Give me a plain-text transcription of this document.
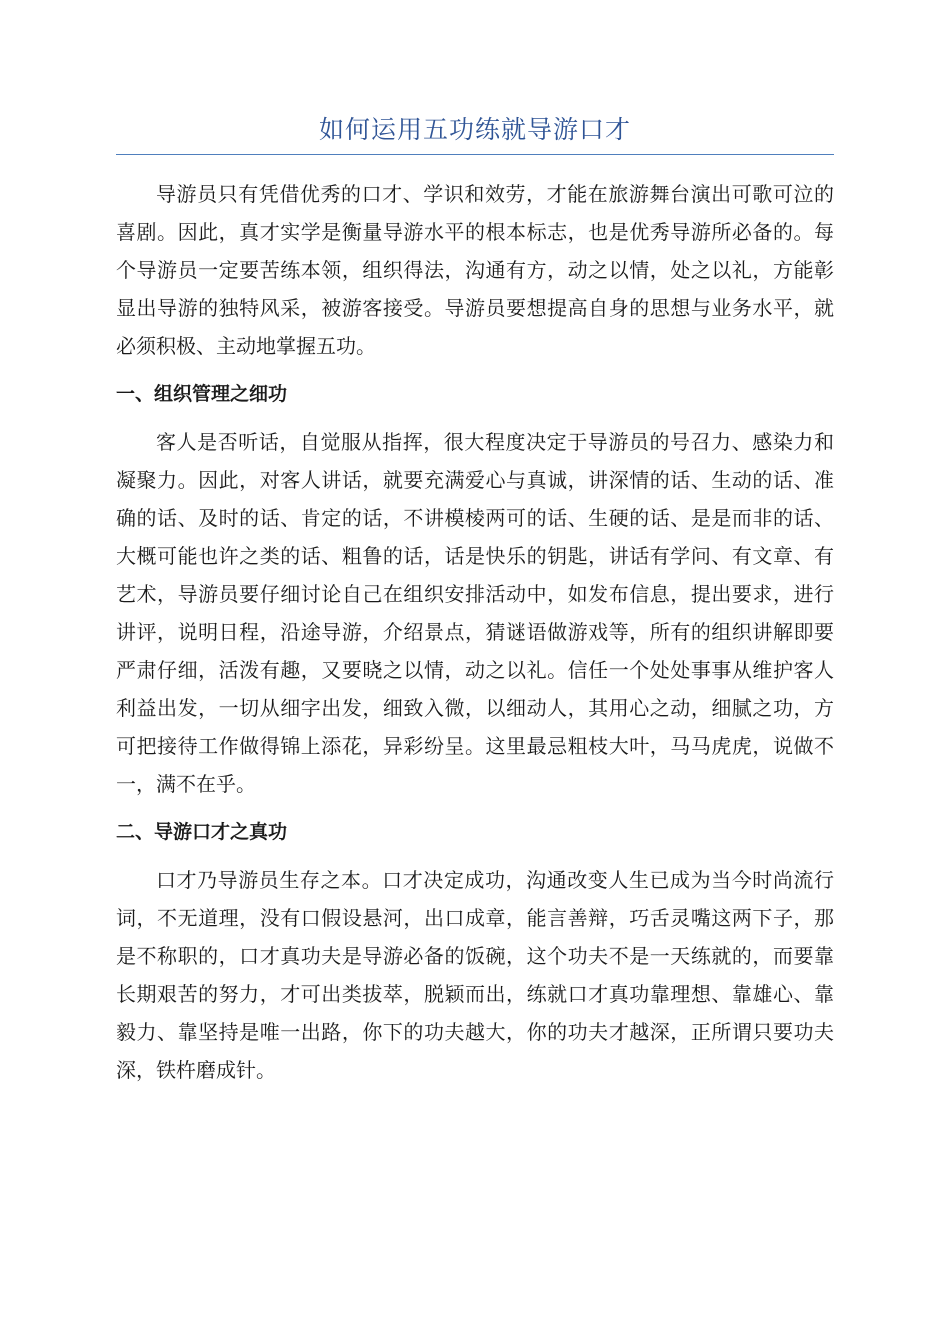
如何运用五功练就导游口才

导游员只有凭借优秀的口才、学识和效劳，才能在旅游舞台演出可歌可泣的喜剧。因此，真才实学是衡量导游水平的根本标志，也是优秀导游所必备的。每个导游员一定要苦练本领，组织得法，沟通有方，动之以情，处之以礼，方能彰显出导游的独特风采，被游客接受。导游员要想提高自身的思想与业务水平，就必须积极、主动地掌握五功。

一、组织管理之细功

客人是否听话，自觉服从指挥，很大程度决定于导游员的号召力、感染力和凝聚力。因此，对客人讲话，就要充满爱心与真诚，讲深情的话、生动的话、准确的话、及时的话、肯定的话，不讲模棱两可的话、生硬的话、是是而非的话、大概可能也许之类的话、粗鲁的话，话是快乐的钥匙，讲话有学问、有文章、有艺术，导游员要仔细讨论自己在组织安排活动中，如发布信息，提出要求，进行讲评，说明日程，沿途导游，介绍景点，猜谜语做游戏等，所有的组织讲解即要严肃仔细，活泼有趣，又要晓之以情，动之以礼。信任一个处处事事从维护客人利益出发，一切从细字出发，细致入微，以细动人，其用心之动，细腻之功，方可把接待工作做得锦上添花，异彩纷呈。这里最忌粗枝大叶，马马虎虎，说做不一，满不在乎。

二、导游口才之真功

口才乃导游员生存之本。口才决定成功，沟通改变人生已成为当今时尚流行词，不无道理，没有口假设悬河，出口成章，能言善辩，巧舌灵嘴这两下子，那是不称职的，口才真功夫是导游必备的饭碗，这个功夫不是一天练就的，而要靠长期艰苦的努力，才可出类拔萃，脱颖而出，练就口才真功靠理想、靠雄心、靠毅力、靠坚持是唯一出路，你下的功夫越大，你的功夫才越深，正所谓只要功夫深，铁杵磨成针。
